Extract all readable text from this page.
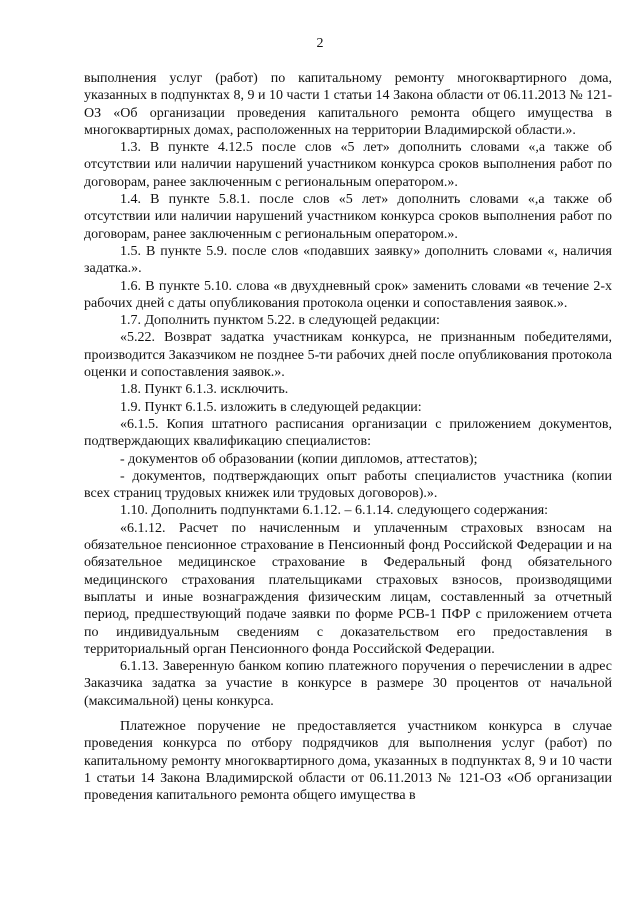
2

выполнения услуг (работ) по капитальному ремонту многоквартирного дома, указанных в подпунктах 8, 9 и 10 части 1 статьи 14 Закона области от 06.11.2013 № 121-ОЗ «Об организации проведения капитального ремонта общего имущества в многоквартирных домах, расположенных на территории Владимирской области.».

1.3. В пункте 4.12.5 после слов «5 лет» дополнить словами «,а также об отсутствии или наличии нарушений участником конкурса сроков выполнения работ по договорам, ранее заключенным с региональным оператором.».

1.4. В пункте 5.8.1. после слов «5 лет» дополнить словами «,а также об отсутствии или наличии нарушений участником конкурса сроков выполнения работ по договорам, ранее заключенным с региональным оператором.».

1.5. В пункте 5.9. после слов «подавших заявку» дополнить словами «, наличия задатка.».

1.6. В пункте 5.10. слова «в двухдневный срок» заменить словами «в течение 2-х рабочих дней с даты опубликования протокола оценки и сопоставления заявок.».

1.7. Дополнить пунктом 5.22. в следующей редакции:

«5.22. Возврат задатка участникам конкурса, не признанным победителями, производится Заказчиком не позднее 5-ти рабочих дней после опубликования протокола оценки и сопоставления заявок.».

1.8. Пункт 6.1.3. исключить.

1.9. Пункт 6.1.5. изложить в следующей редакции:

«6.1.5. Копия штатного расписания организации с приложением документов, подтверждающих квалификацию специалистов:

- документов об образовании (копии дипломов, аттестатов);

- документов, подтверждающих опыт работы специалистов участника (копии всех страниц трудовых книжек или трудовых договоров).».

1.10. Дополнить подпунктами 6.1.12. – 6.1.14. следующего содержания:

«6.1.12. Расчет по начисленным и уплаченным страховых взносам на обязательное пенсионное страхование в Пенсионный фонд Российской Федерации и на обязательное медицинское страхование в Федеральный фонд обязательного медицинского страхования плательщиками страховых взносов, производящими выплаты и иные вознаграждения физическим лицам, составленный за отчетный период, предшествующий подаче заявки по форме РСВ-1 ПФР с приложением отчета по индивидуальным сведениям с доказательством его предоставления в территориальный орган Пенсионного фонда Российской Федерации.

6.1.13. Заверенную банком копию платежного поручения о перечислении в адрес Заказчика задатка за участие в конкурсе в размере 30 процентов от начальной (максимальной) цены конкурса.

Платежное поручение не предоставляется участником конкурса в случае проведения конкурса по отбору подрядчиков для выполнения услуг (работ) по капитальному ремонту многоквартирного дома, указанных в подпунктах 8, 9 и 10 части 1 статьи 14 Закона Владимирской области от 06.11.2013 № 121-ОЗ «Об организации проведения капитального ремонта общего имущества в
